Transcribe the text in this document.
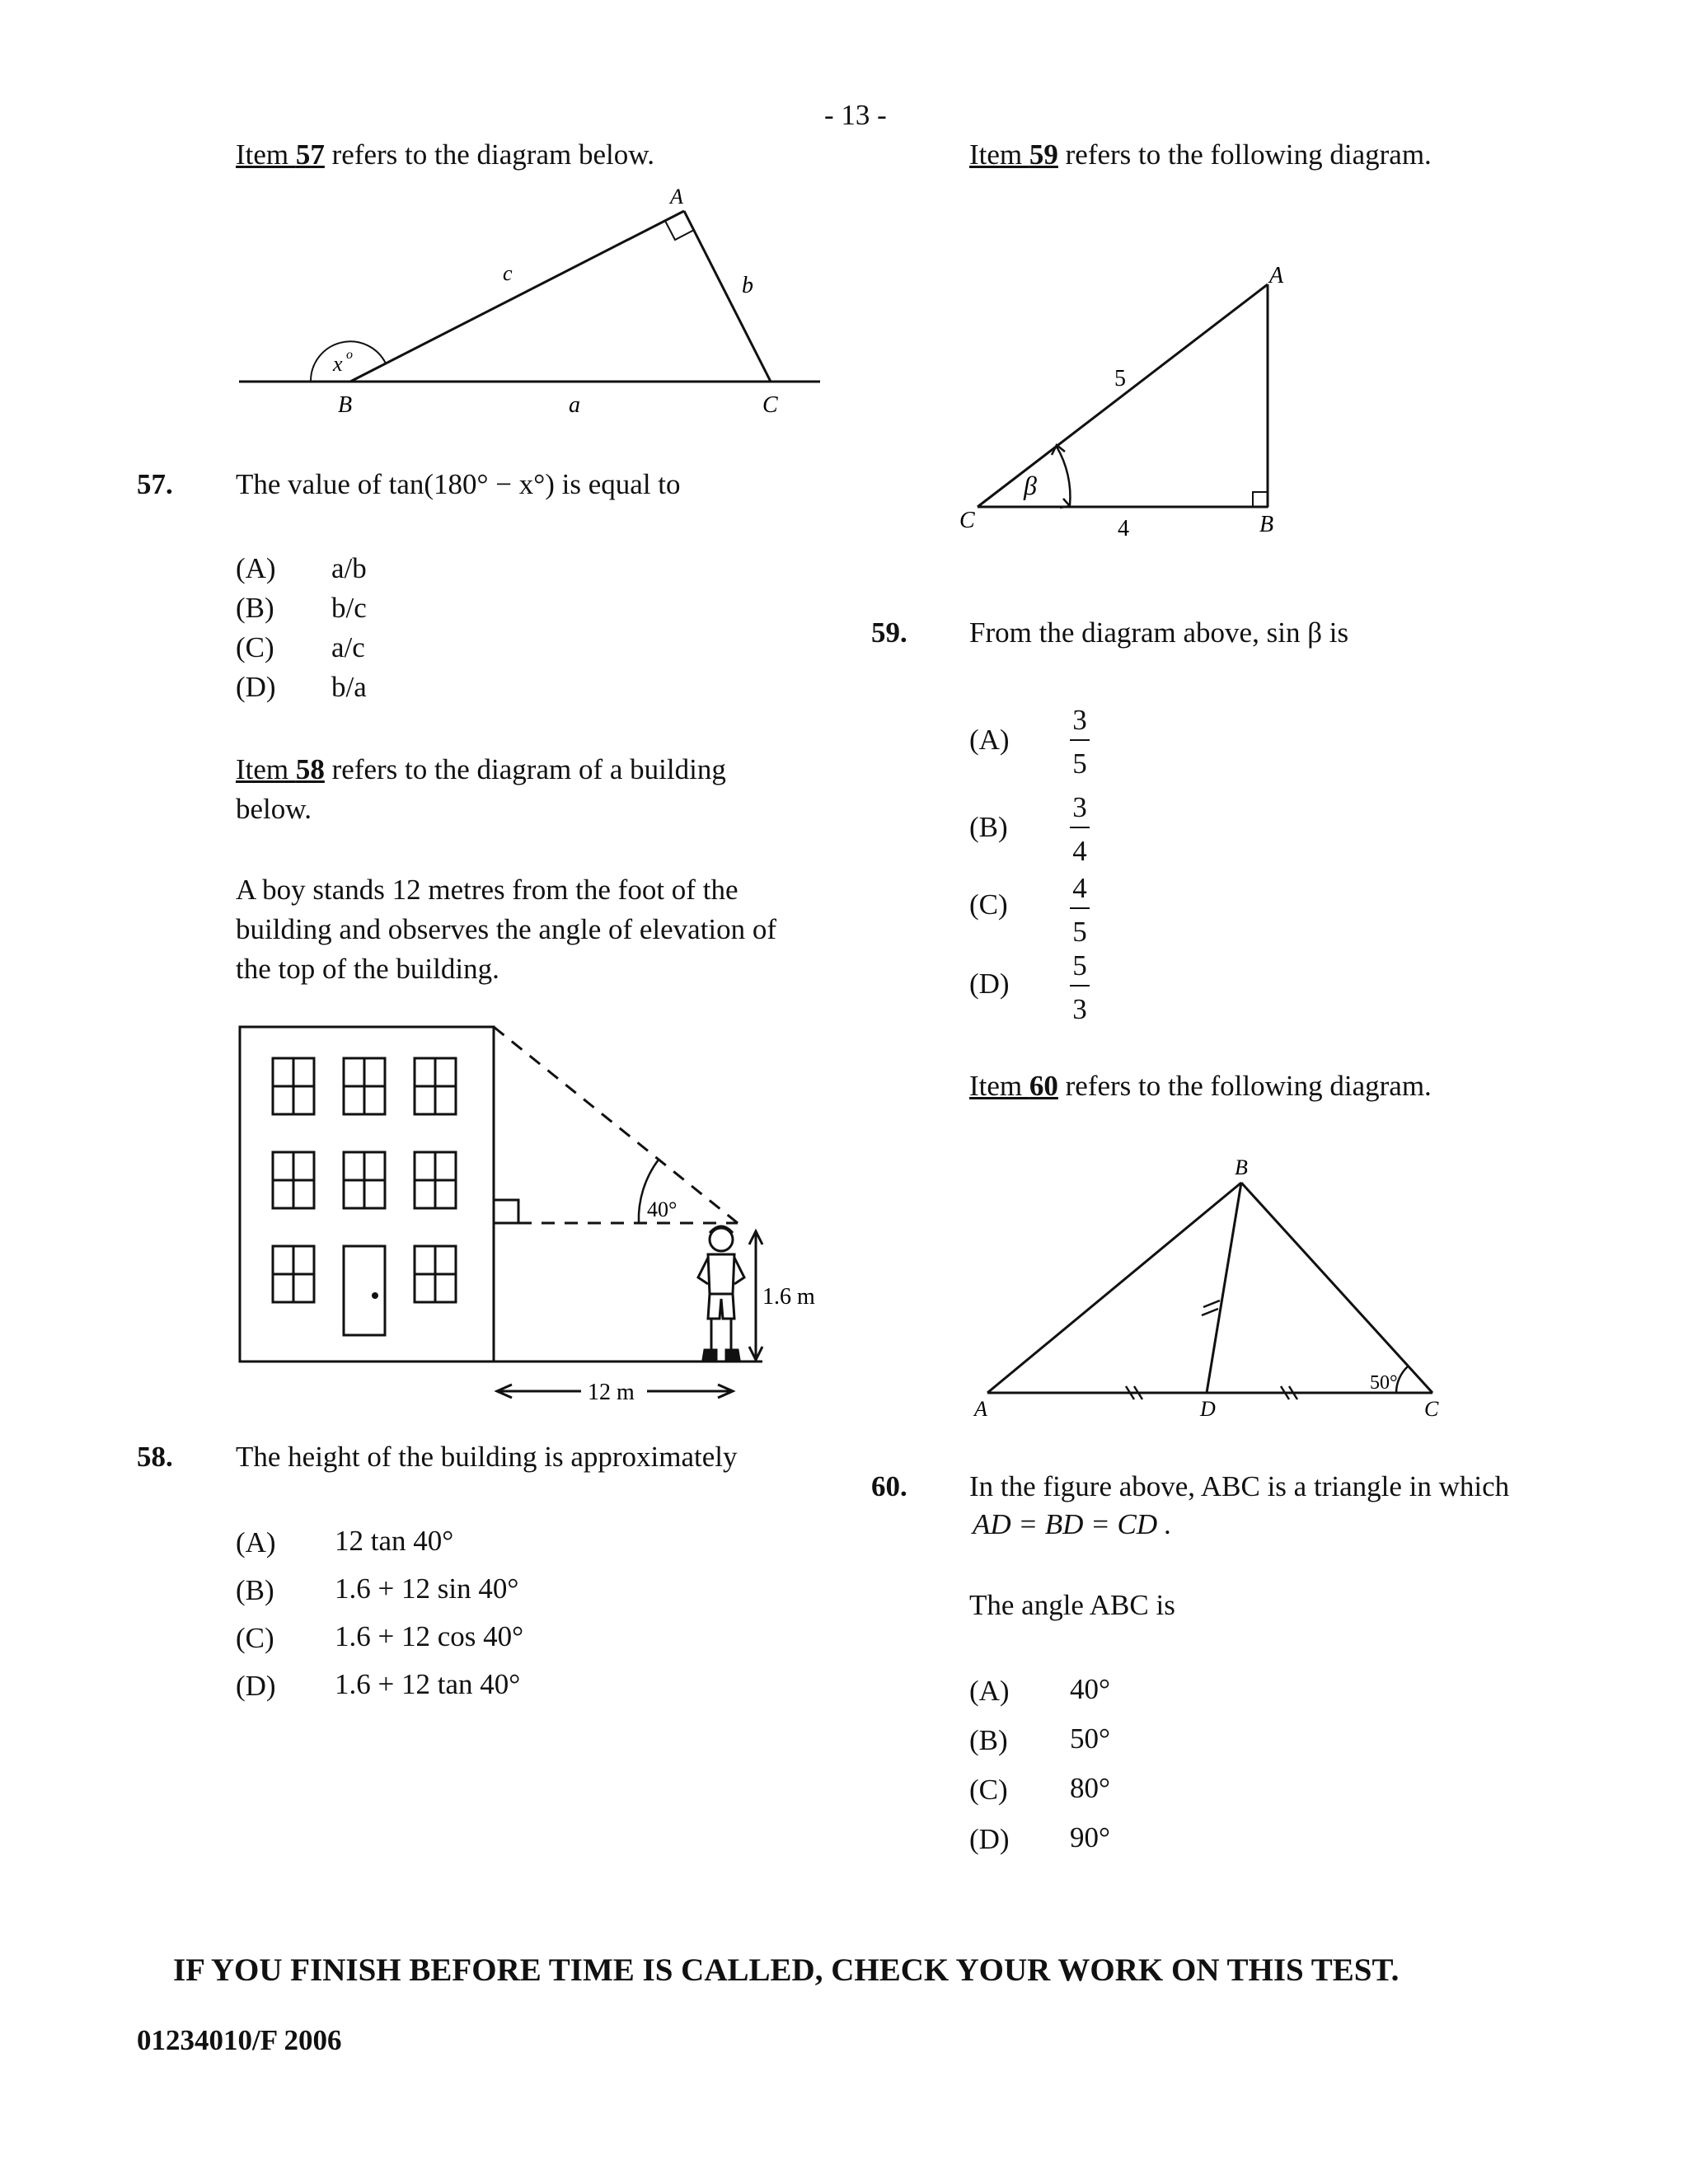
- 13 -
Item 57 refers to the diagram below.
A
B	C
a
b
c
x o
57. The value of tan(180° − x°) is equal to
(A) a/b
(B) b/c
(C) a/c
(D) b/a
Item 58 refers to the diagram of a building
below.
A boy stands 12 metres from the foot of the
building and observes the angle of elevation of
the top of the building.
40°
1.6 m
12 m
58. The height of the building is approximately
(A) 12 tan 40°
(B) 1.6 + 12 sin 40°
(C) 1.6 + 12 cos 40°
(D) 1.6 + 12 tan 40°
Item 59 refers to the following diagram.
A
B
C
5
4
β
59. From the diagram above, sin β is
(A)
3
5
(B)
3
4
(C)
4
5
(D)
5
3
Item 60 refers to the following diagram.
50°
B
A	D	C
60. In the figure above, ABC is a triangle in which
AD = BD = CD .
The angle ABC is
(A) 40°
(B) 50°
(C) 80°
(D) 90°
IF YOU FINISH BEFORE TIME IS CALLED, CHECK YOUR WORK ON THIS TEST.
01234010/F 2006
